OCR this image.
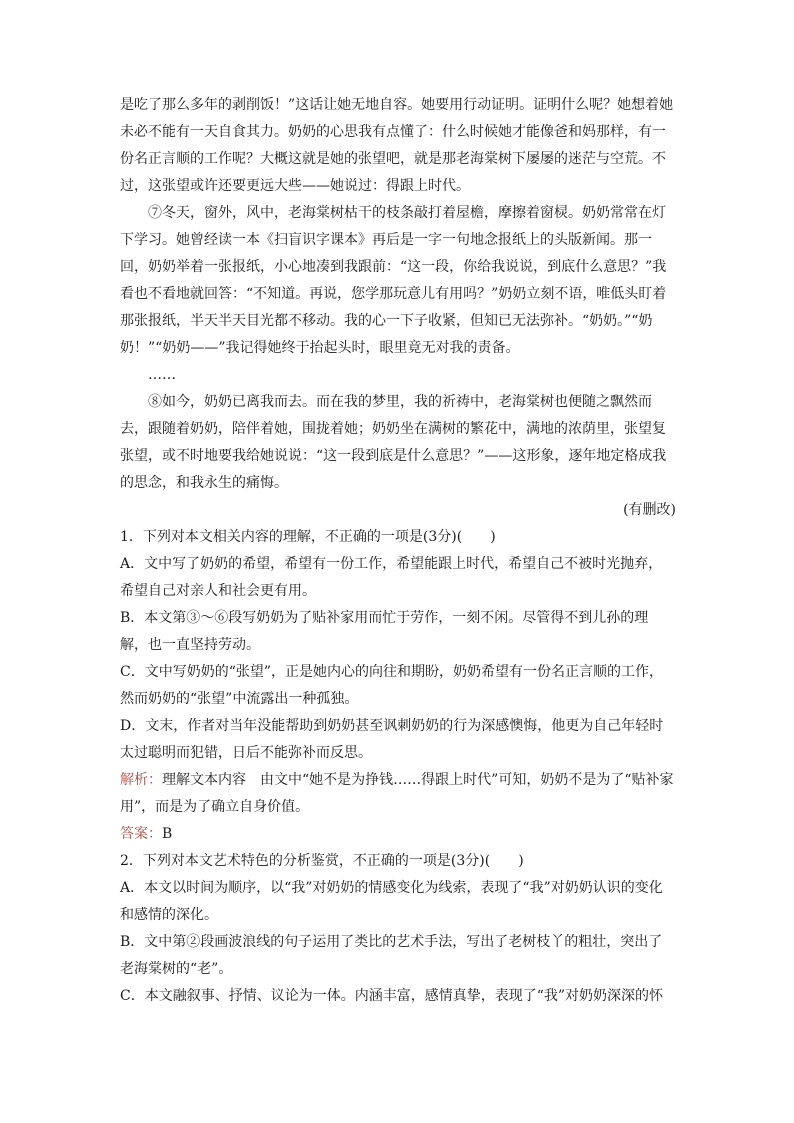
是吃了那么多年的剥削饭！”这话让她无地自容。她要用行动证明。证明什么呢？她想着她未必不能有一天自食其力。奶奶的心思我有点懂了：什么时候她才能像爸和妈那样，有一份名正言顺的工作呢？大概这就是她的张望吧，就是那老海棠树下屡屡的迷茫与空荒。不过，这张望或许还要更远大些——她说过：得跟上时代。

⑦冬天，窗外，风中，老海棠树枯干的枝条敲打着屋檐，摩擦着窗棂。奶奶常常在灯下学习。她曾经读一本《扫盲识字课本》再后是一字一句地念报纸上的头版新闻。那一回，奶奶举着一张报纸，小心地凑到我跟前：“这一段，你给我说说，到底什么意思？”我看也不看地就回答：“不知道。再说，您学那玩意儿有用吗？”奶奶立刻不语，唯低头盯着那张报纸，半天半天目光都不移动。我的心一下子收紧，但知已无法弥补。“奶奶。”“奶奶！”“奶奶——”我记得她终于抬起头时，眼里竟无对我的责备。

……

⑧如今，奶奶已离我而去。而在我的梦里，我的祈祷中，老海棠树也便随之飘然而去，跟随着奶奶，陪伴着她，围拢着她；奶奶坐在满树的繁花中，满地的浓荫里，张望复张望，或不时地要我给她说说：“这一段到底是什么意思？”——这形象，逐年地定格成我的思念，和我永生的痛悔。

(有删改)

1．下列对本文相关内容的理解，不正确的一项是(3分)(　　)

A．文中写了奶奶的希望，希望有一份工作，希望能跟上时代，希望自己不被时光抛弃，希望自己对亲人和社会更有用。

B．本文第③～⑥段写奶奶为了贴补家用而忙于劳作，一刻不闲。尽管得不到儿孙的理解，也一直坚持劳动。

C．文中写奶奶的“张望”，正是她内心的向往和期盼，奶奶希望有一份名正言顺的工作，然而奶奶的“张望”中流露出一种孤独。

D．文末，作者对当年没能帮助到奶奶甚至讽刺奶奶的行为深感懊悔，他更为自己年轻时太过聪明而犯错，日后不能弥补而反思。

解析：理解文本内容　由文中“她不是为挣钱……得跟上时代”可知，奶奶不是为了“贴补家用”，而是为了确立自身价值。

答案：B

2．下列对本文艺术特色的分析鉴赏，不正确的一项是(3分)(　　)

A．本文以时间为顺序，以“我”对奶奶的情感变化为线索，表现了“我”对奶奶认识的变化和感情的深化。

B．文中第②段画波浪线的句子运用了类比的艺术手法，写出了老树枝丫的粗壮，突出了老海棠树的“老”。

C．本文融叙事、抒情、议论为一体。内涵丰富，感情真挚，表现了“我”对奶奶深深的怀
